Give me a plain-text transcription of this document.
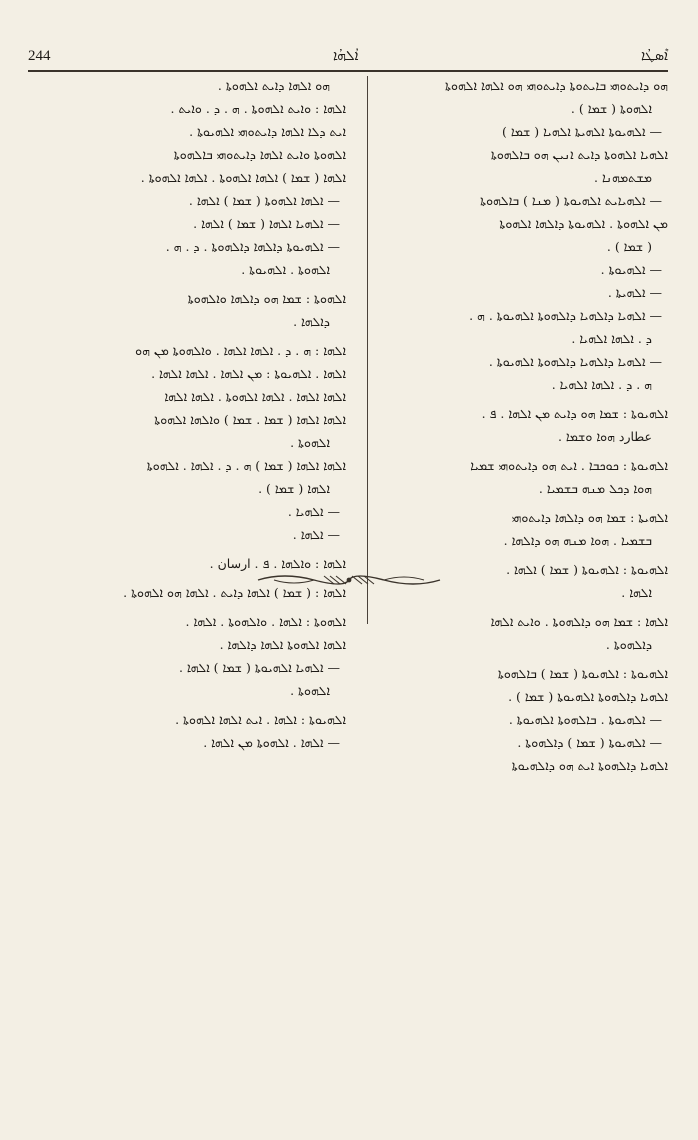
244	ܐܳܠܗܳܐ	ܐܶܣܛܳܐ

ܗܘ ܕܐܝܬܘܗܝ ܒܐܝܬܘܬܐ ܕܐܝܬܘܗܝ ܗܘ ܐܠܗܐ ܐܠܗܘܬܐ

ܐܠܗܘܬܐ ( ܫܡܐ ) .

— ܐܠܗܝܘܬܐ ܐܠܗܝܬܐ ܐܠܗܝܐ ( ܫܡܐ )

ܐܠܗܝܐ ܐܠܗܘܬܐ ܕܐܝܬ ܐܢܝܢ ܗܘ ܒܐܠܗܘܬܐ

ܡܫܬܡܗܢܐ .

— ܐܠܗܝܐܝܬ ܐܠܗܝܘܬܐ ( ܡܢܐ ) ܒܐܠܗܘܬܐ

ܡܢ ܐܠܗܘܬܐ . ܐܠܗܝܘܬܐ ܕܐܠܗܐ ܐܠܗܘܬܐ

( ܫܡܐ ) .

— ܐܠܗܝܘܬܐ .

— ܐܠܗܝܬܐ .

— ܐܠܗܝܐ ܕܐܠܗܝܐ ܕܐܠܗܘܬܐ ܐܠܗܝܘܬܐ . ܗ .

ܕ . ܐܠܗܐ ܐܠܗܝܐ .

— ܐܠܗܝܐ ܕܐܠܗܝܐ ܕܐܠܗܘܬܐ ܐܠܗܝܘܬܐ .

ܗ . ܕ . ܐܠܗܐ ܐܠܗܝܐ .

ܐܠܗܝܘܬܐ : ܫܡܐ ܗܘ ܕܐܝܬ ܡܢ ܐܠܗܐ . ܦ .

عطارد ܗܘܐ ܘܫܡܐ .

ܐܠܗܝܘܬܐ : ܟܘܟܒܐ . ܐܝܬ ܗܘ ܕܐܝܬܘܗܝ ܫܡܝܐ

ܗܘܐ ܕܟܠ ܡܢܗ ܒܫܡܝܐ .

ܐܠܗܝܬܐ : ܫܡܐ ܗܘ ܕܐܠܗܐ ܕܐܝܬܘܗܝ

ܒܫܡܝܐ . ܗܘܐ ܡܢܗ ܗܘ ܕܐܠܗܐ .

ܐܠܗܝܘܬܐ : ܐܠܗܝܘܬܐ ( ܫܡܐ ) ܐܠܗܐ .

ܐܠܗܐ .

ܐܠܗܐ : ܫܡܐ ܗܘ ܕܐܠܗܘܬܐ . ܘܐܝܬ ܐܠܗܐ

ܕܐܠܗܘܬܐ .

ܐܠܗܝܘܬܐ : ܐܠܗܝܘܬܐ ( ܫܡܐ ) ܒܐܠܗܘܬܐ

ܐܠܗܝܐ ܕܐܠܗܘܬܐ ܐܠܗܝܘܬܐ ( ܫܡܐ ) .

— ܐܠܗܝܘܬܐ . ܒܐܠܗܘܬܐ ܐܠܗܝܘܬܐ .

— ܐܠܗܝܘܬܐ ( ܫܡܐ ) ܕܐܠܗܘܬܐ .

ܐܠܗܝܐ ܕܐܠܗܘܬܐ ܐܝܬ ܗܘ ܕܐܠܗܝܘܬܐ

ܗܘ ܐܠܗܐ ܕܐܝܬ ܐܠܗܘܬܐ .

ܐܠܗܐ : ܘܐܝܬ ܐܠܗܘܬܐ . ܗ . ܕ . ܘܐܝܬ .

ܐܝܬ ܕܠܐ ܐܠܗܐ ܕܐܝܬܘܗܝ ܐܠܗܝܘܬܐ .

ܐܠܗܘܬܐ ܘܐܝܬ ܐܠܗܐ ܕܐܝܬܘܗܝ ܒܐܠܗܘܬܐ

ܐܠܗܐ ( ܫܡܐ ) ܐܠܗܐ ܐܠܗܘܬܐ . ܐܠܗܐ ܐܠܗܘܬܐ .

— ܐܠܗܐ ܐܠܗܘܬܐ ( ܫܡܐ ) ܐܠܗܐ .

— ܐܠܗܝܐ ܐܠܗܐ ( ܫܡܐ ) ܐܠܗܐ .

— ܐܠܗܝܘܬܐ ܕܐܠܗܐ ܕܐܠܗܘܬܐ . ܕ . ܗ .

ܐܠܗܘܬܐ . ܐܠܗܝܘܬܐ .

ܐܠܗܘܬܐ : ܫܡܐ ܗܘ ܕܐܠܗܐ ܘܐܠܗܘܬܐ

ܕܐܠܗܐ .

ܐܠܗܐ : ܗ . ܕ . ܐܠܗܐ ܐܠܗܐ . ܘܐܠܗܘܬܐ ܡܢ ܗܘ

ܐܠܗܐ . ܐܠܗܝܘܬܐ : ܡܢ ܐܠܗܐ . ܐܠܗܐ ܐܠܗܐ .

ܐܠܗܐ ܐܠܗܐ . ܐܠܗܐ ܐܠܗܘܬܐ . ܐܠܗܐ ܐܠܗܐ

ܐܠܗܐ ܐܠܗܐ ( ܫܡܐ . ܫܡܐ ) ܘܐܠܗܐ ܐܠܗܘܬܐ

ܐܠܗܘܬܐ .

ܐܠܗܐ ܐܠܗܐ ( ܫܡܐ ) ܗ . ܕ . ܐܠܗܐ . ܐܠܗܘܬܐ

ܐܠܗܐ ( ܫܡܐ ) .

— ܐܠܗܝܐ .

— ܐܠܗܐ .

ܐܠܗܐ : ܘܐܠܗܐ . ܦ . ارسان .

ܐܠܗܐ : ( ܫܡܐ ) ܐܠܗܐ ܕܐܝܬ . ܐܠܗܐ ܗܘ ܐܠܗܘܬܐ .

ܐܠܗܘܬܐ : ܐܠܗܐ . ܘܐܠܗܘܬܐ . ܐܠܗܐ .

ܐܠܗܐ ܐܠܗܘܬܐ ܐܠܗܐ ܕܐܠܗܐ .

— ܐܠܗܝܐ ܐܠܗܝܘܬܐ ( ܫܡܐ ) ܐܠܗܐ .

ܐܠܗܘܬܐ .

ܐܠܗܝܘܬܐ : ܐܠܗܐ . ܐܝܬ ܐܠܗܐ ܐܠܗܘܬܐ .

— ܐܠܗܐ . ܐܠܗܘܬܐ ܡܢ ܐܠܗܐ .
